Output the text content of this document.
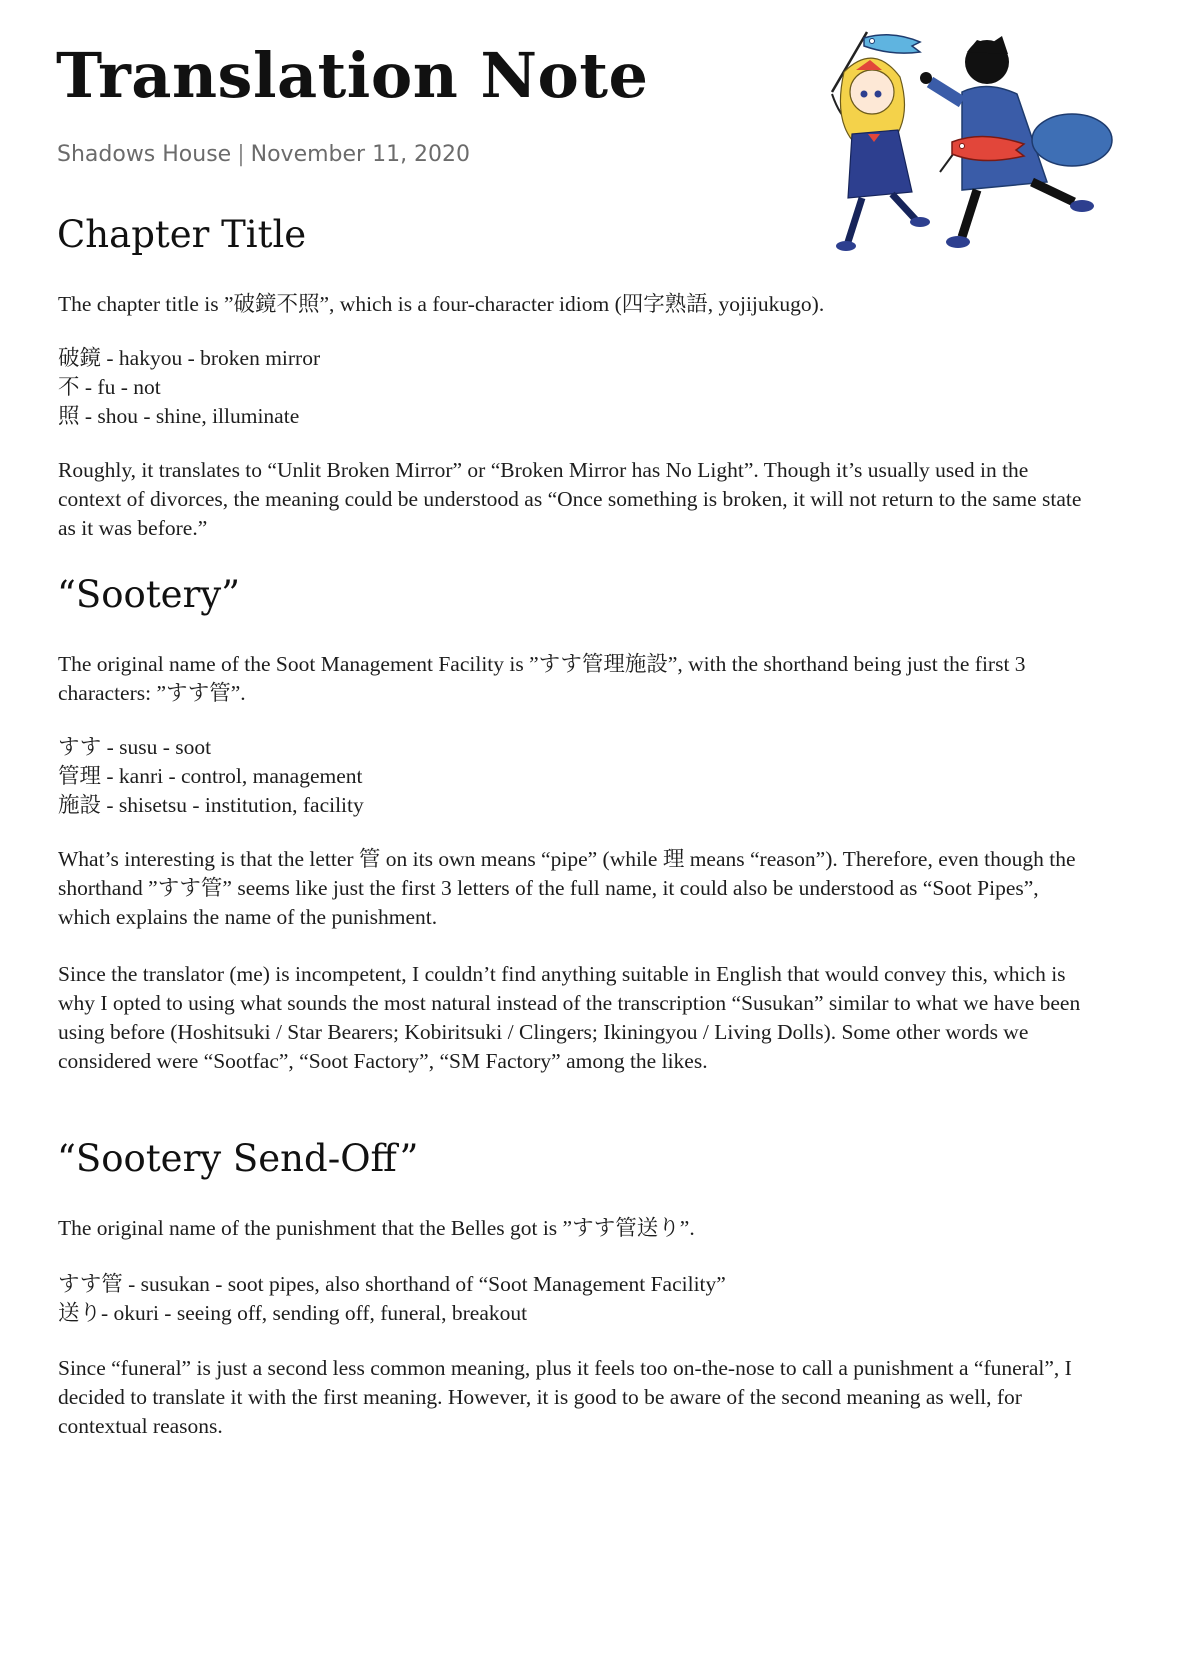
Translation Note
Shadows House | November 11, 2020
Chapter Title

The chapter title is ”破鏡不照”, which is a four-character idiom (四字熟語, yojijukugo).

破鏡 - hakyou - broken mirror

不 - fu - not

照 - shou - shine, illuminate

Roughly, it translates to “Unlit Broken Mirror” or “Broken Mirror has No Light”. Though it’s usually used in the context of divorces, the meaning could be understood as “Once something is broken, it will not return to the same state as it was before.”

“Sootery”

The original name of the Soot Management Facility is ”すす管理施設”, with the shorthand being just the first 3 characters: ”すす管”.

すす - susu - soot

管理 - kanri - control, management

施設 - shisetsu - institution, facility

What’s interesting is that the letter 管 on its own means “pipe” (while 理 means “reason”). Therefore, even though the shorthand ”すす管” seems like just the first 3 letters of the full name, it could also be understood as “Soot Pipes”, which explains the name of the punishment.

Since the translator (me) is incompetent, I couldn’t find anything suitable in English that would convey this, which is why I opted to using what sounds the most natural instead of the transcription “Susukan” similar to what we have been using before (Hoshitsuki / Star Bearers; Kobiritsuki / Clingers; Ikiningyou / Living Dolls). Some other words we considered were “Sootfac”, “Soot Factory”, “SM Factory” among the likes.

“Sootery Send-Off”

The original name of the punishment that the Belles got is ”すす管送り”.

すす管 - susukan - soot pipes, also shorthand of “Soot Management Facility”

送り- okuri - seeing off, sending off, funeral, breakout

Since “funeral” is just a second less common meaning, plus it feels too on-the-nose to call a punishment a “funeral”, I decided to translate it with the first meaning. However, it is good to be aware of the second meaning as well, for contextual reasons.
